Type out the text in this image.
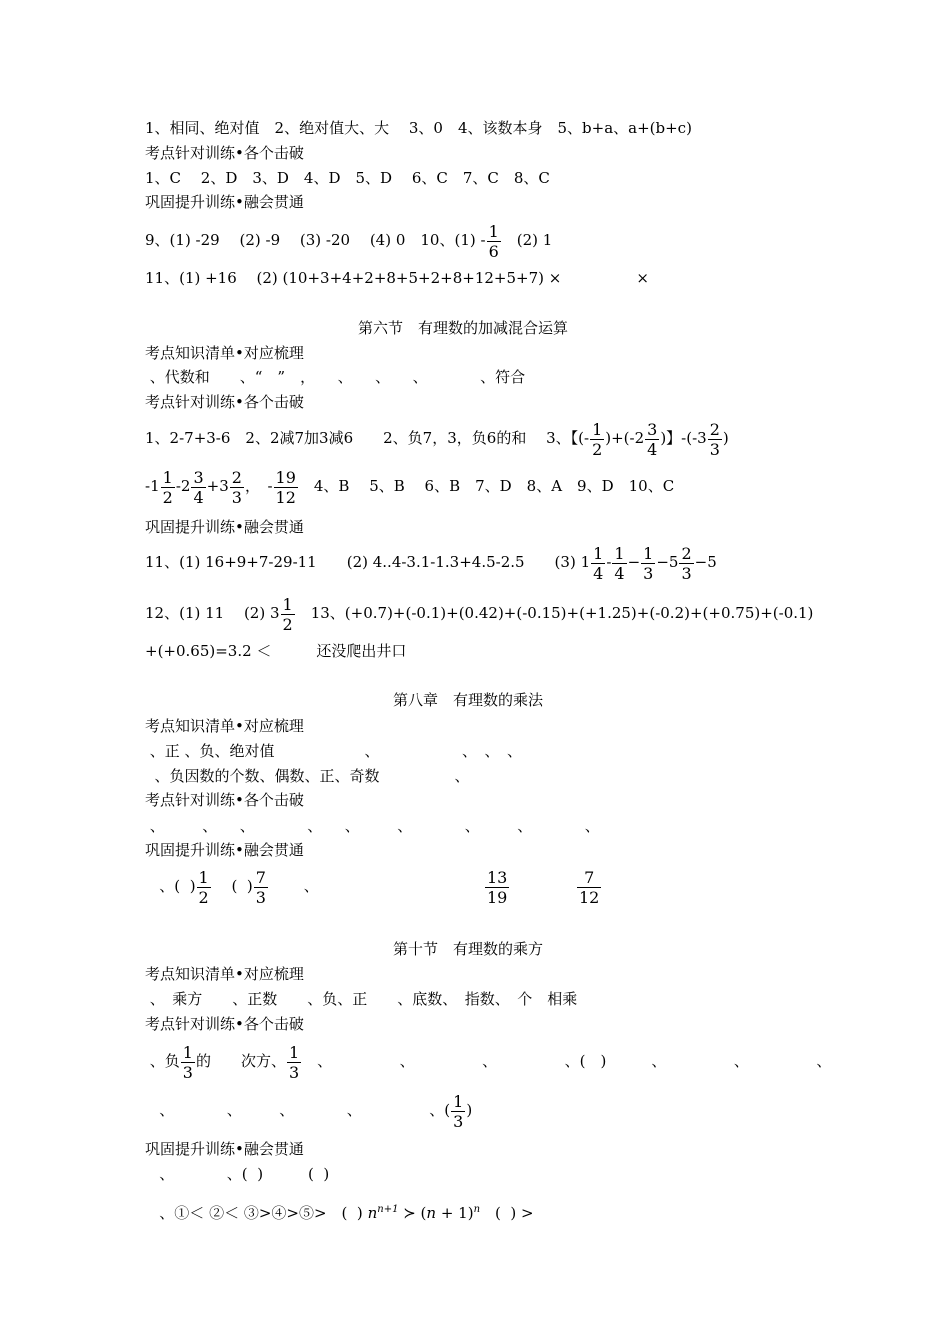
1、相同、绝对值　2、绝对值大、大　 3、0　4、该数本身　5、b+a、a+(b+c)
考点针对训练•各个击破
1、C　 2、D　3、D　4、D　5、D　 6、C　7、C　8、C
巩固提升训练•融会贯通
9、(1) -29　 (2) -9　 (3) -20　 (4) 0　10、$(1) - \frac{1}{6}$ 　(2) 1
11、(1) +16　 (2) (10+3+4+2+8+5+2+8+12+5+7) ×　　　　　×
第六节　有理数的加减混合运算
考点知识清单•对应梳理
、代数和　　、“　”　，　　、　　、　　、　　　　、符合
考点针对训练•各个击破
1、2-7+3-6　2、2减7加3减6　　2、负7，3，负6的和　 3、【(- $\frac{1}{2} )+(-2 \frac{3}{4}$ )】$-(-3 \frac{2}{3}$ )
$-1 \frac{1}{2} -2 \frac{3}{4} +3 \frac{2}{3}$ ，　- $\frac{19}{12}$ 　4、B　 5、B　 6、B　7、D　8、A　9、D　10、C
巩固提升训练•融会贯通
11、(1) 16+9+7-29-11　　(2) 4..4-3.1-1.3+4.5-2.5　　(3) $1 \frac{1}{4} - \frac{1}{4} - \frac{1}{3} -5 \frac{2}{3} -5$
12、(1) 11　 (2) $3 \frac{1}{2}$ 　13、(+0.7)+(-0.1)+(0.42)+(-0.15)+(+1.25)+(-0.2)+(+0.75)+(-0.1)
+(+0.65)=3.2 ＜　　　还没爬出井口
第八章　有理数的乘法
考点知识清单•对应梳理
、正 、负、绝对值　　　　　　、　　　　　　、　、　、
、负因数的个数、偶数、正、奇数　　　　　、
考点针对训练•各个击破
、　　　、　　、　　　　、　　、　　　、　　　　、　　　、　　　　、
巩固提升训练•融会贯通
、(  ) $\frac{1}{2}$ 　 (  ) $\frac{7}{3}$ 　　 、	$\frac{13}{19}$	$\frac{7}{12}$
第十节　有理数的乘方
考点知识清单•对应梳理
、　乘方　　、正数　　、负、正　　、底数、　指数、　个　相乘
考点针对训练•各个击破
、负 $\frac{1}{3}$ 的　　次方、 $\frac{1}{3}$ 　、　　　　　、　　　　　、　　　　　、(　)　　　、　　　　　、　　　　　、
、　　　　、　　　、　　　　、　　　　　、( $\frac{1}{3}$ )
巩固提升训练•融会贯通
、　　　　、(  )　　　(  )
、①＜ ②＜ ③>④>⑤>　(  ) $n^{n+1}$ ≻ $(n + 1)^n$　(  ) >
